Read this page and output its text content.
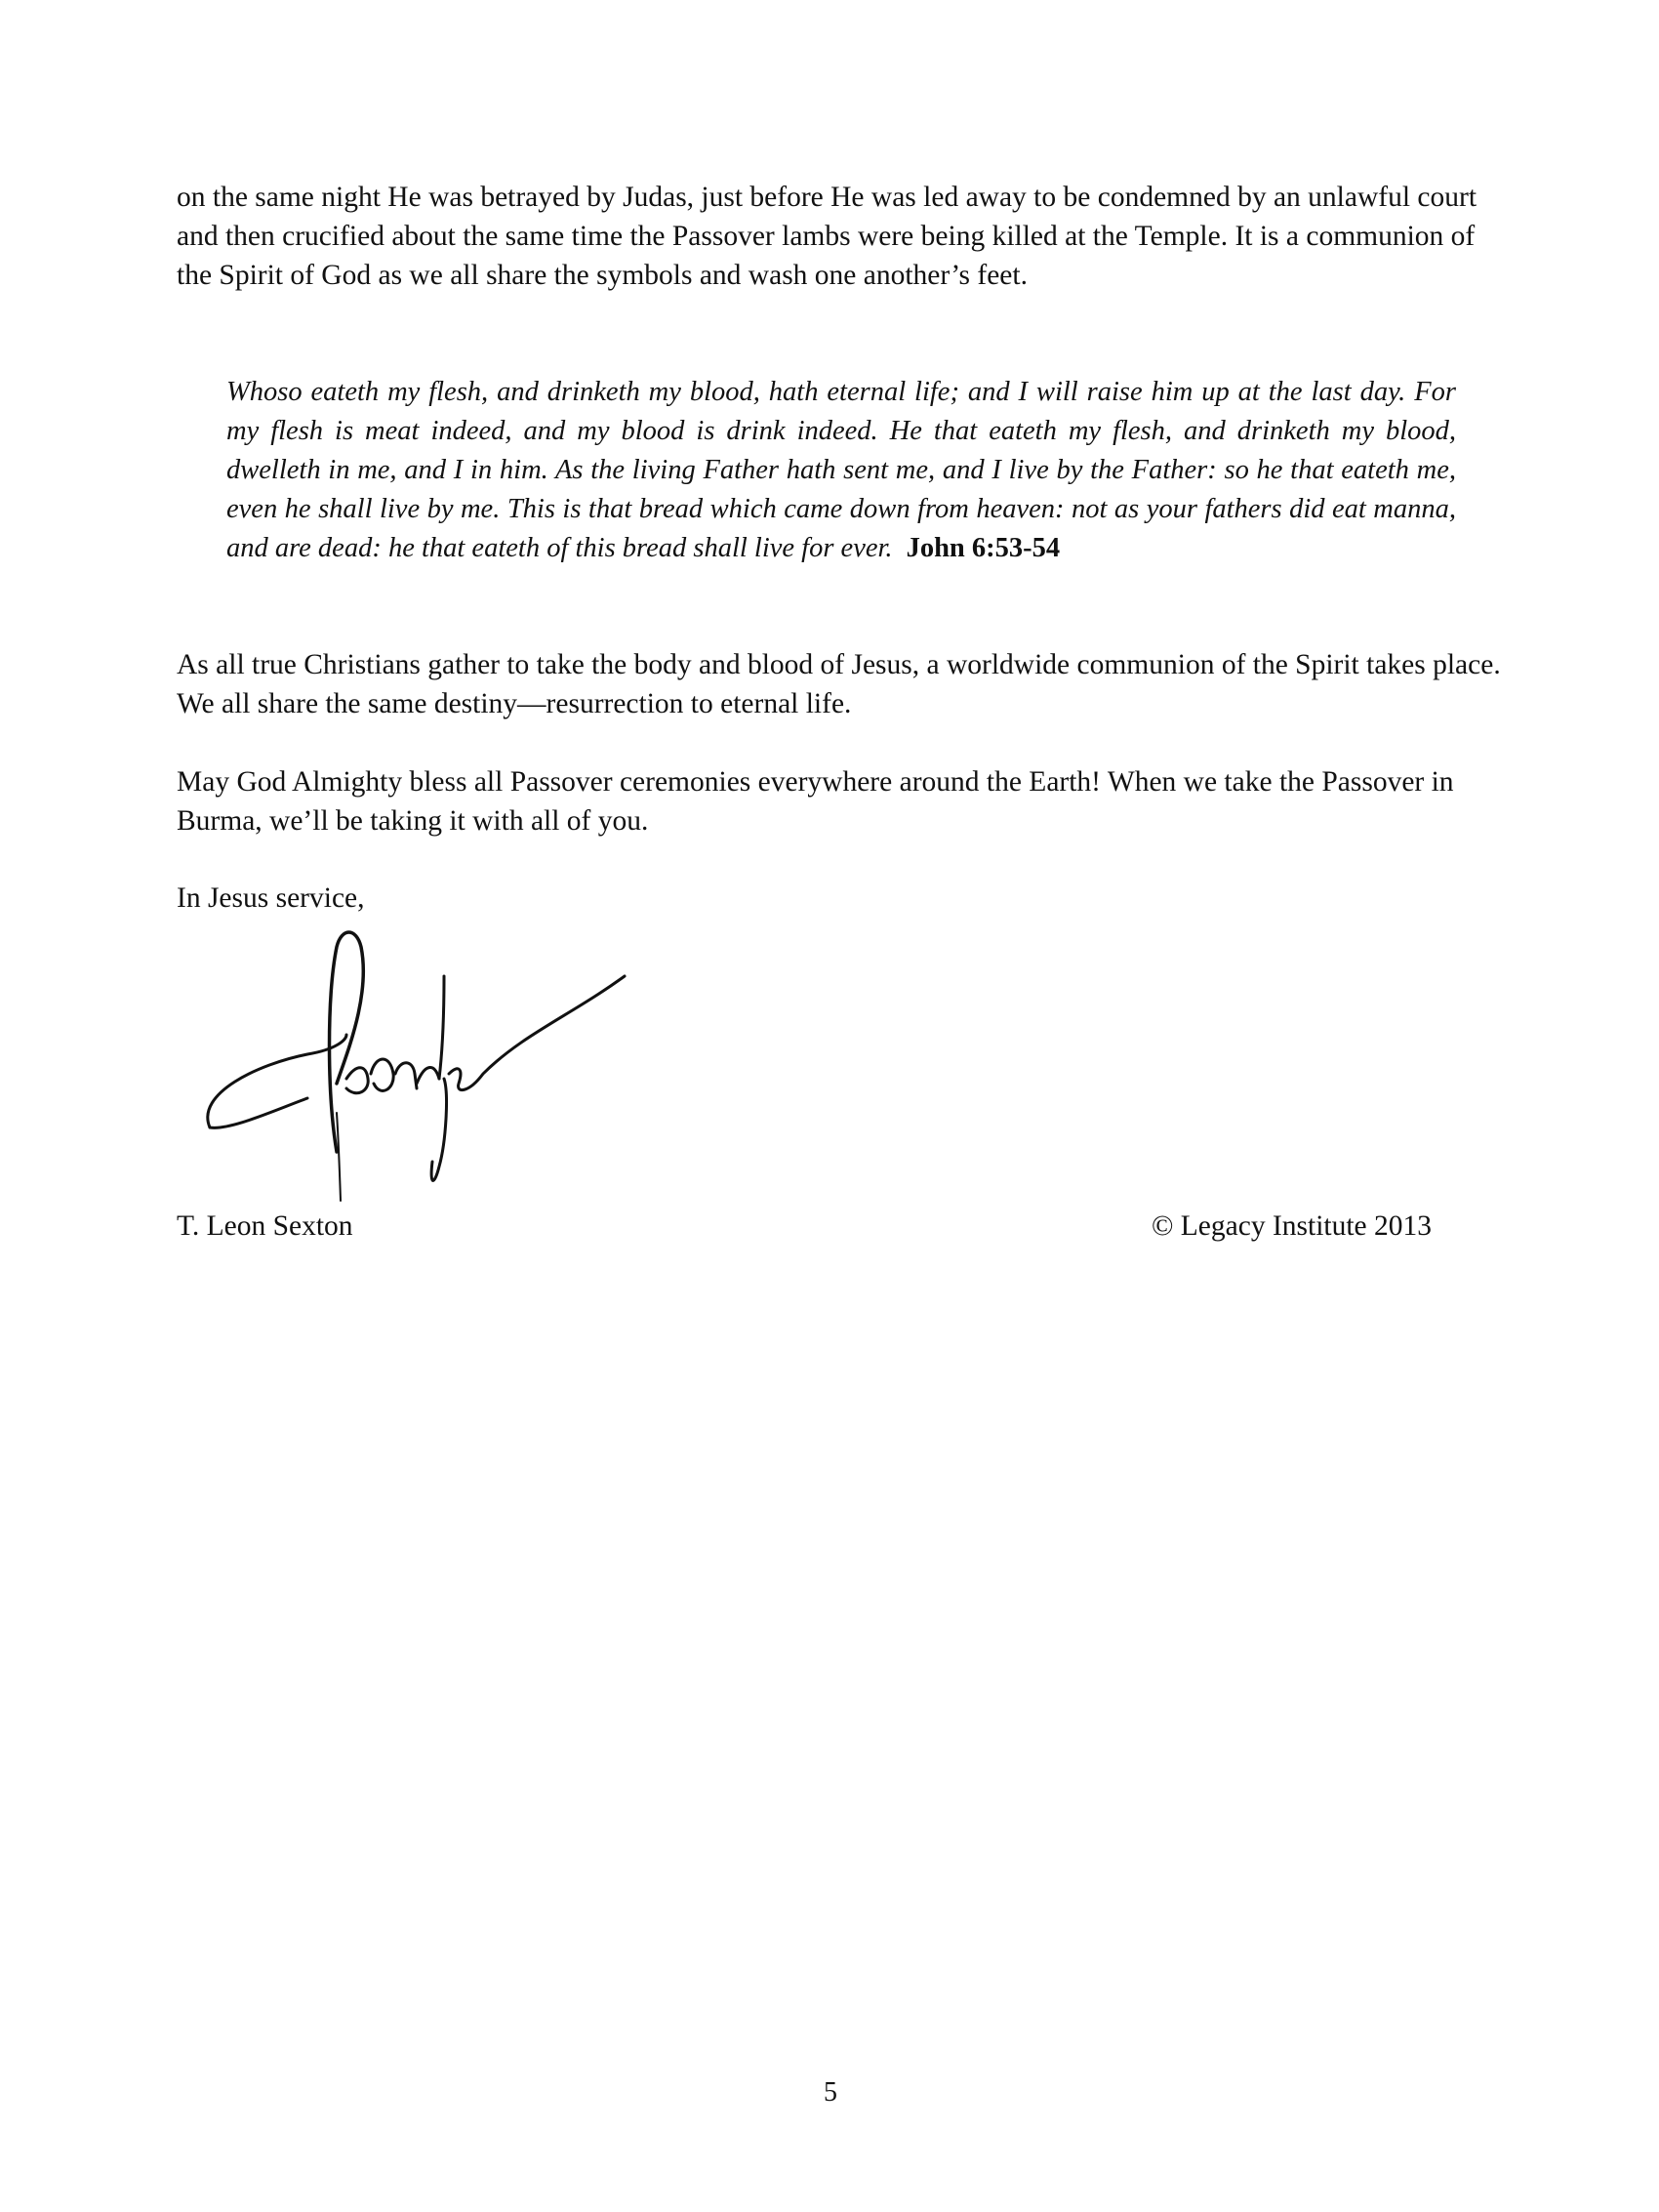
on the same night He was betrayed by Judas, just before He was led away to be condemned by an unlawful court and then crucified about the same time the Passover lambs were being killed at the Temple. It is a communion of the Spirit of God as we all share the symbols and wash one another’s feet.

Whoso eateth my flesh, and drinketh my blood, hath eternal life; and I will raise him up at the last day. For my flesh is meat indeed, and my blood is drink indeed. He that eateth my flesh, and drinketh my blood, dwelleth in me, and I in him. As the living Father hath sent me, and I live by the Father: so he that eateth me, even he shall live by me. This is that bread which came down from heaven: not as your fathers did eat manna, and are dead: he that eateth of this bread shall live for ever. John 6:53-54

As all true Christians gather to take the body and blood of Jesus, a worldwide communion of the Spirit takes place. We all share the same destiny—resurrection to eternal life.

May God Almighty bless all Passover ceremonies everywhere around the Earth! When we take the Passover in Burma, we’ll be taking it with all of you.

In Jesus service,

T. Leon Sexton	© Legacy Institute 2013

5
